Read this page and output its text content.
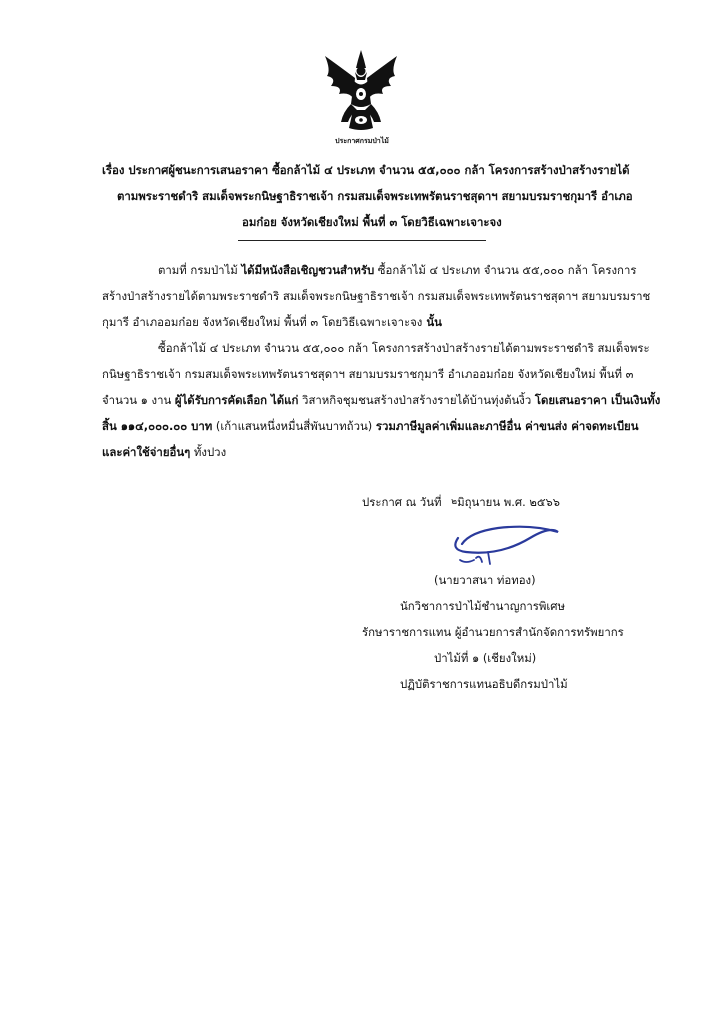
ประกาศกรมป่าไม้
เรื่อง ประกาศผู้ชนะการเสนอราคา ซื้อกล้าไม้ ๔ ประเภท จำนวน ๕๕,๐๐๐ กล้า โครงการสร้างป่าสร้างรายได้
ตามพระราชดำริ สมเด็จพระกนิษฐาธิราชเจ้า กรมสมเด็จพระเทพรัตนราชสุดาฯ สยามบรมราชกุมารี อำเภอ
อมก๋อย จังหวัดเชียงใหม่ พื้นที่ ๓ โดยวิธีเฉพาะเจาะจง
ตามที่ กรมป่าไม้ ได้มีหนังสือเชิญชวนสำหรับ ซื้อกล้าไม้ ๔ ประเภท จำนวน ๕๕,๐๐๐ กล้า โครงการ
สร้างป่าสร้างรายได้ตามพระราชดำริ สมเด็จพระกนิษฐาธิราชเจ้า กรมสมเด็จพระเทพรัตนราชสุดาฯ สยามบรมราช
กุมารี อำเภออมก๋อย จังหวัดเชียงใหม่ พื้นที่ ๓ โดยวิธีเฉพาะเจาะจง นั้น
ซื้อกล้าไม้ ๔ ประเภท จำนวน ๕๕,๐๐๐ กล้า โครงการสร้างป่าสร้างรายได้ตามพระราชดำริ สมเด็จพระ
กนิษฐาธิราชเจ้า กรมสมเด็จพระเทพรัตนราชสุดาฯ สยามบรมราชกุมารี อำเภออมก๋อย จังหวัดเชียงใหม่ พื้นที่ ๓
จำนวน ๑ งาน ผู้ได้รับการคัดเลือก ได้แก่ วิสาหกิจชุมชนสร้างป่าสร้างรายได้บ้านทุ่งต้นงิ้ว โดยเสนอราคา เป็นเงินทั้ง
สิ้น ๑๑๔,๐๐๐.๐๐ บาท (เก้าแสนหนึ่งหมื่นสี่พันบาทถ้วน) รวมภาษีมูลค่าเพิ่มและภาษีอื่น ค่าขนส่ง ค่าจดทะเบียน
และค่าใช้จ่ายอื่นๆ ทั้งปวง
ประกาศ ณ วันที่ ๒มิถุนายน พ.ศ. ๒๕๖๖
(นายวาสนา ท่อทอง)
นักวิชาการป่าไม้ชำนาญการพิเศษ
รักษาราชการแทน ผู้อำนวยการสำนักจัดการทรัพยากร
ป่าไม้ที่ ๑ (เชียงใหม่)
ปฏิบัติราชการแทนอธิบดีกรมป่าไม้
